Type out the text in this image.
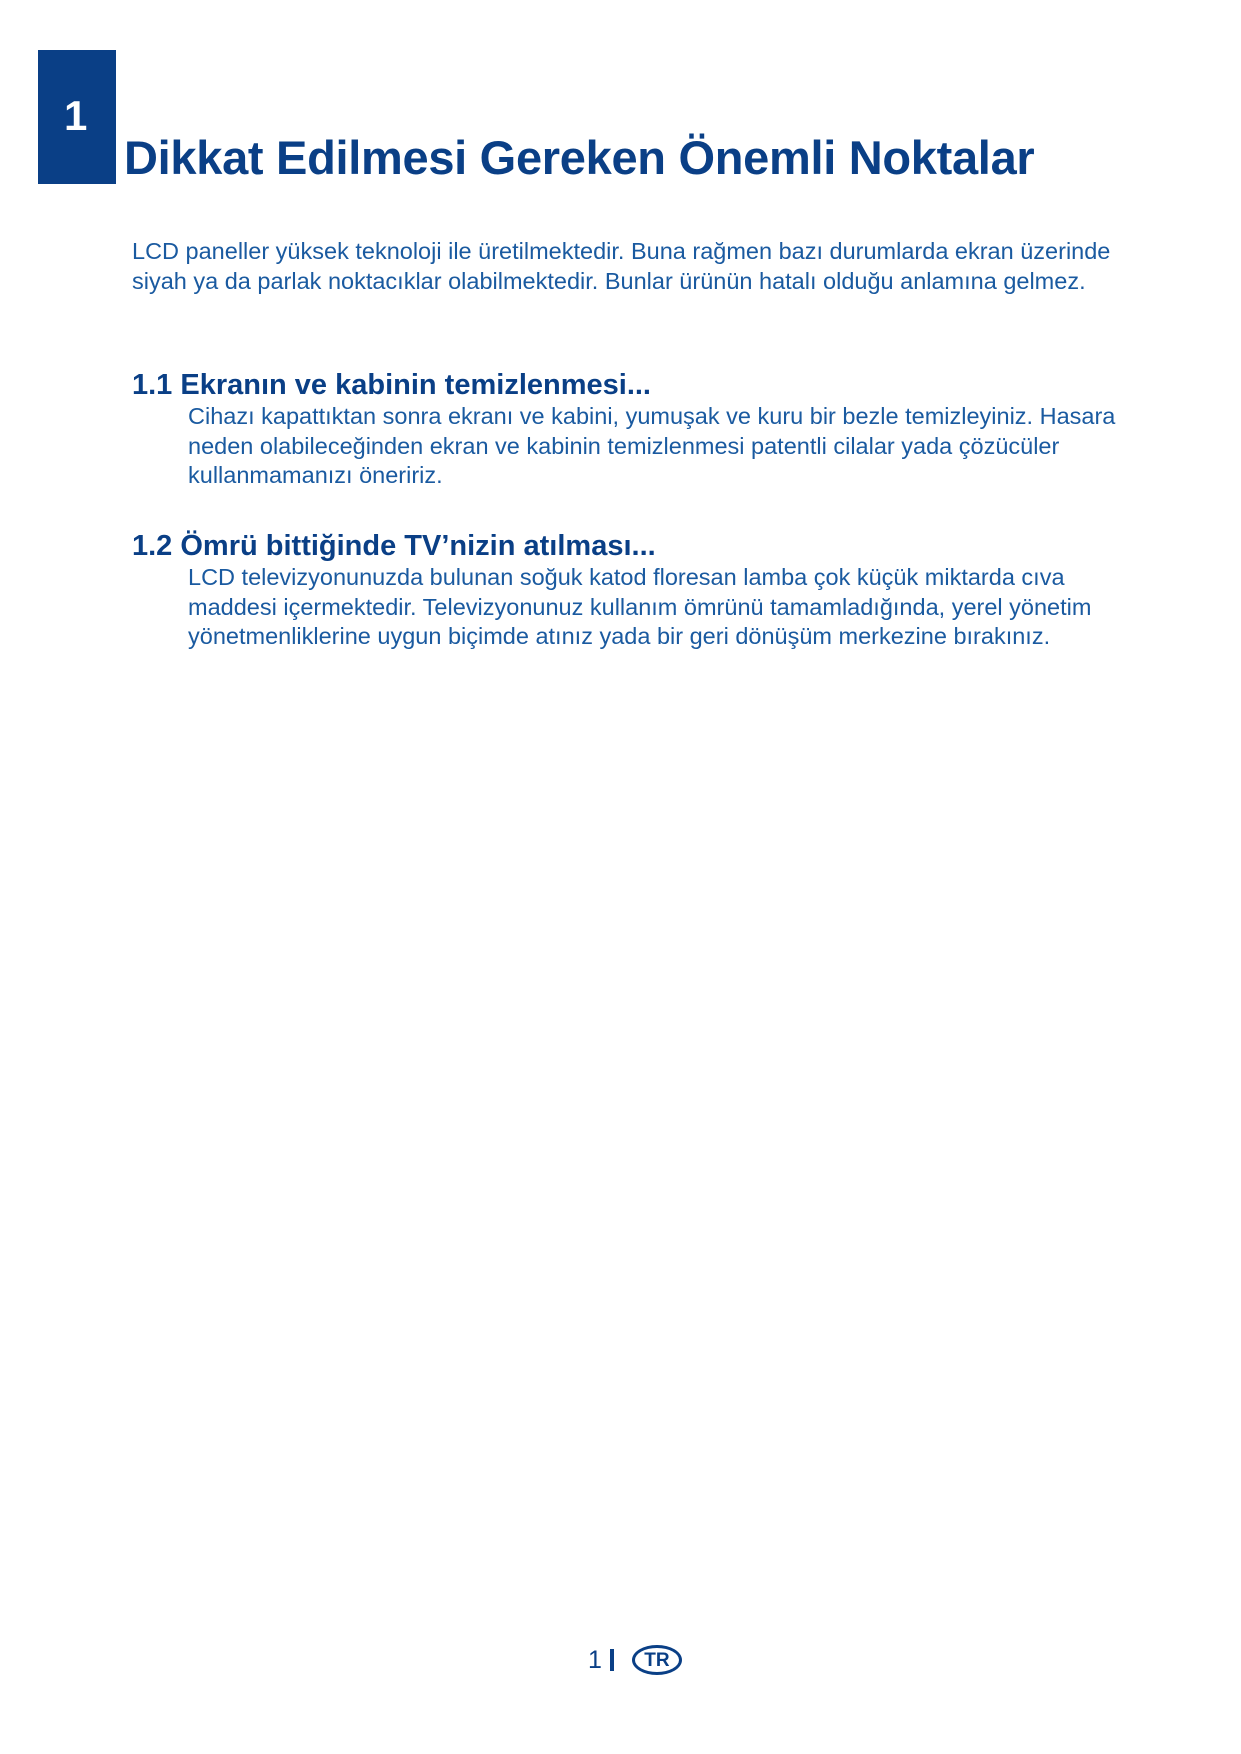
1
Dikkat Edilmesi Gereken Önemli Noktalar

LCD paneller yüksek teknoloji ile üretilmektedir. Buna rağmen bazı durumlarda ekran üzerinde siyah ya da parlak noktacıklar olabilmektedir. Bunlar ürünün hatalı olduğu anlamına gelmez.

1.1 Ekranın ve kabinin temizlenmesi...

Cihazı kapattıktan sonra ekranı ve kabini, yumuşak ve kuru bir bezle temizleyiniz. Hasara neden olabileceğinden ekran ve kabinin temizlenmesi patentli cilalar yada çözücüler kullanmamanızı öneririz.

1.2 Ömrü bittiğinde TV’nizin atılması...

LCD televizyonunuzda bulunan soğuk katod floresan lamba çok küçük miktarda cıva maddesi içermektedir. Televizyonunuz kullanım ömrünü tamamladığında, yerel yönetim yönetmenliklerine uygun biçimde atınız yada bir geri dönüşüm merkezine bırakınız.

1	TR
